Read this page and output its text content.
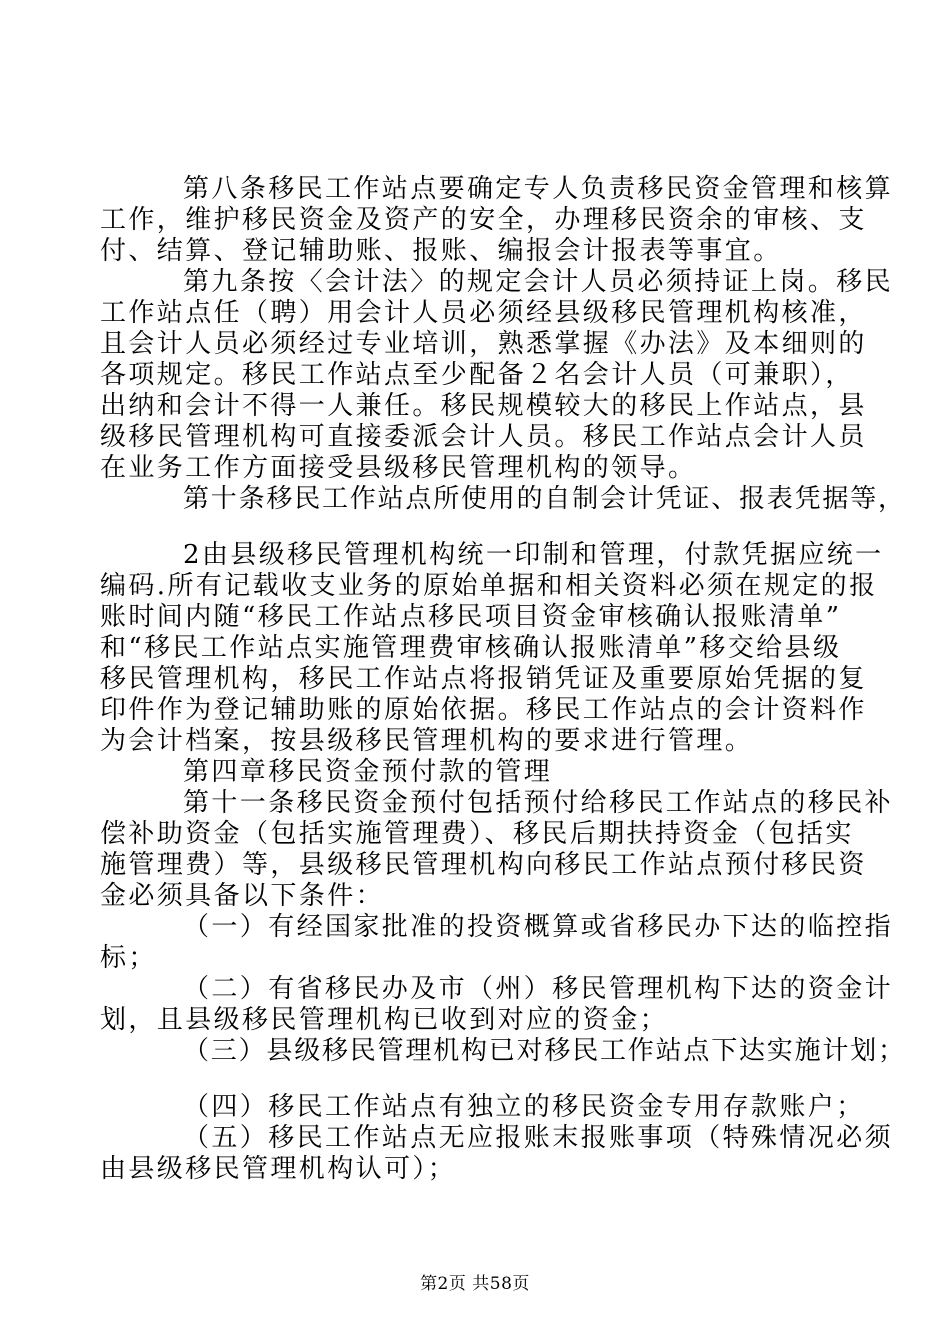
第八条移民工作站点要确定专人负责移民资金管理和核算
工作，维护移民资金及资产的安全，办理移民资余的审核、支
付、结算、登记辅助账、报账、编报会计报表等事宜。
第九条按〈会计法〉的规定会计人员必须持证上岗。移民
工作站点任（聘）用会计人员必须经县级移民管理机构核准，
且会计人员必须经过专业培训，熟悉掌握《办法》及本细则的
各项规定。移民工作站点至少配备２名会计人员（可兼职），
出纳和会计不得一人兼任。移民规模较大的移民上作站点，县
级移民管理机构可直接委派会计人员。移民工作站点会计人员
在业务工作方面接受县级移民管理机构的领导。
第十条移民工作站点所使用的自制会计凭证、报表凭据等，
2由县级移民管理机构统一印制和管理，付款凭据应统一
编码.所有记载收支业务的原始单据和相关资料必须在规定的报
账时间内随“移民工作站点移民项目资金审核确认报账清单”
和“移民工作站点实施管理费审核确认报账清单”移交给县级
移民管理机构，移民工作站点将报销凭证及重要原始凭据的复
印件作为登记辅助账的原始依据。移民工作站点的会计资料作
为会计档案，按县级移民管理机构的要求进行管理。
第四章移民资金预付款的管理
第十一条移民资金预付包括预付给移民工作站点的移民补
偿补助资金（包括实施管理费）、移民后期扶持资金（包括实
施管理费）等，县级移民管理机构向移民工作站点预付移民资
金必须具备以下条件：
（一）有经国家批准的投资概算或省移民办下达的临控指
标；
（二）有省移民办及市（州）移民管理机构下达的资金计
划，且县级移民管理机构已收到对应的资金；
（三）县级移民管理机构已对移民工作站点下达实施计划；
（四）移民工作站点有独立的移民资金专用存款账户；
（五）移民工作站点无应报账末报账事项（特殊情况必须
由县级移民管理机构认可）；
第2页 共58页
